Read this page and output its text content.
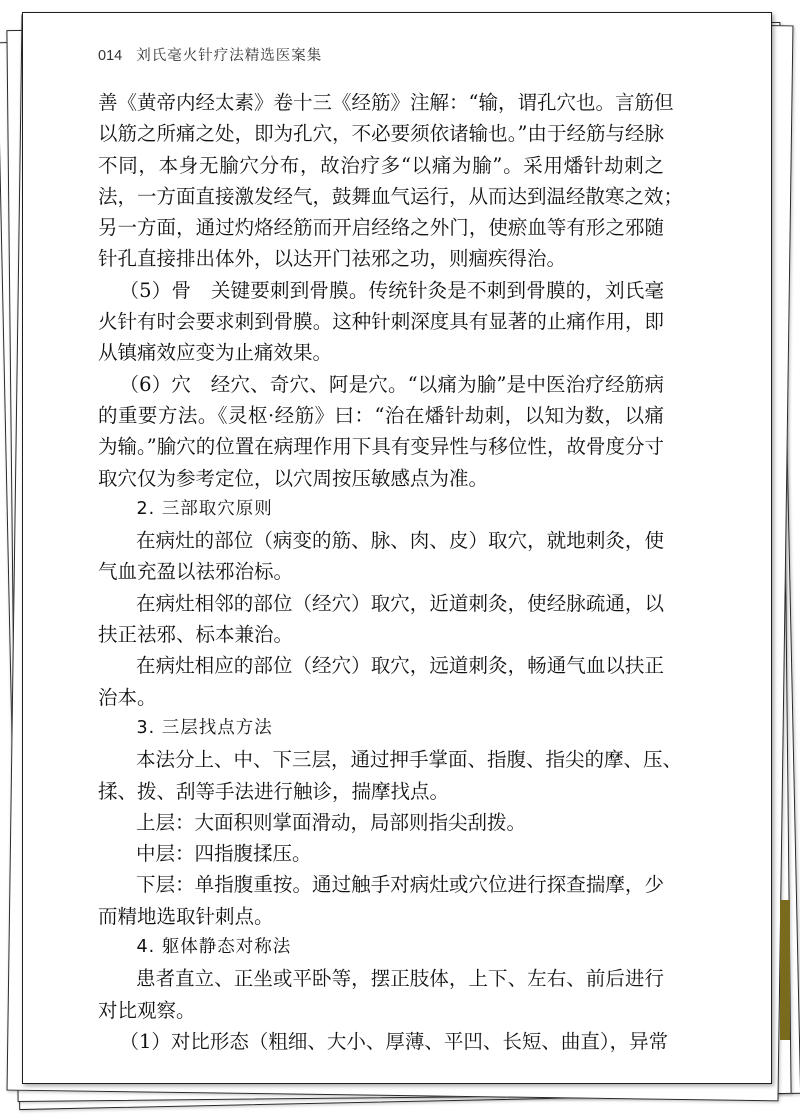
014 刘氏毫火针疗法精选医案集
善《黄帝内经太素》卷十三《经筋》注解：“输，谓孔穴也。言筋但
以筋之所痛之处，即为孔穴，不必要须依诸输也。”由于经筋与经脉
不同，本身无腧穴分布，故治疗多“以痛为腧”。采用燔针劫刺之
法，一方面直接激发经气，鼓舞血气运行，从而达到温经散寒之效；
另一方面，通过灼烙经筋而开启经络之外门，使瘀血等有形之邪随
针孔直接排出体外，以达开门祛邪之功，则痼疾得治。
（5）骨　关键要刺到骨膜。传统针灸是不刺到骨膜的，刘氏毫
火针有时会要求刺到骨膜。这种针刺深度具有显著的止痛作用，即
从镇痛效应变为止痛效果。
（6）穴　经穴、奇穴、阿是穴。“以痛为腧”是中医治疗经筋病
的重要方法。《灵枢·经筋》曰：“治在燔针劫刺，以知为数，以痛
为输。”腧穴的位置在病理作用下具有变异性与移位性，故骨度分寸
取穴仅为参考定位，以穴周按压敏感点为准。
2. 三部取穴原则
在病灶的部位（病变的筋、脉、肉、皮）取穴，就地刺灸，使
气血充盈以祛邪治标。
在病灶相邻的部位（经穴）取穴，近道刺灸，使经脉疏通，以
扶正祛邪、标本兼治。
在病灶相应的部位（经穴）取穴，远道刺灸，畅通气血以扶正
治本。
3. 三层找点方法
本法分上、中、下三层，通过押手掌面、指腹、指尖的摩、压、
揉、拨、刮等手法进行触诊，揣摩找点。
上层：大面积则掌面滑动，局部则指尖刮拨。
中层：四指腹揉压。
下层：单指腹重按。通过触手对病灶或穴位进行探查揣摩，少
而精地选取针刺点。
4. 躯体静态对称法
患者直立、正坐或平卧等，摆正肢体，上下、左右、前后进行
对比观察。
（1）对比形态（粗细、大小、厚薄、平凹、长短、曲直），异常
